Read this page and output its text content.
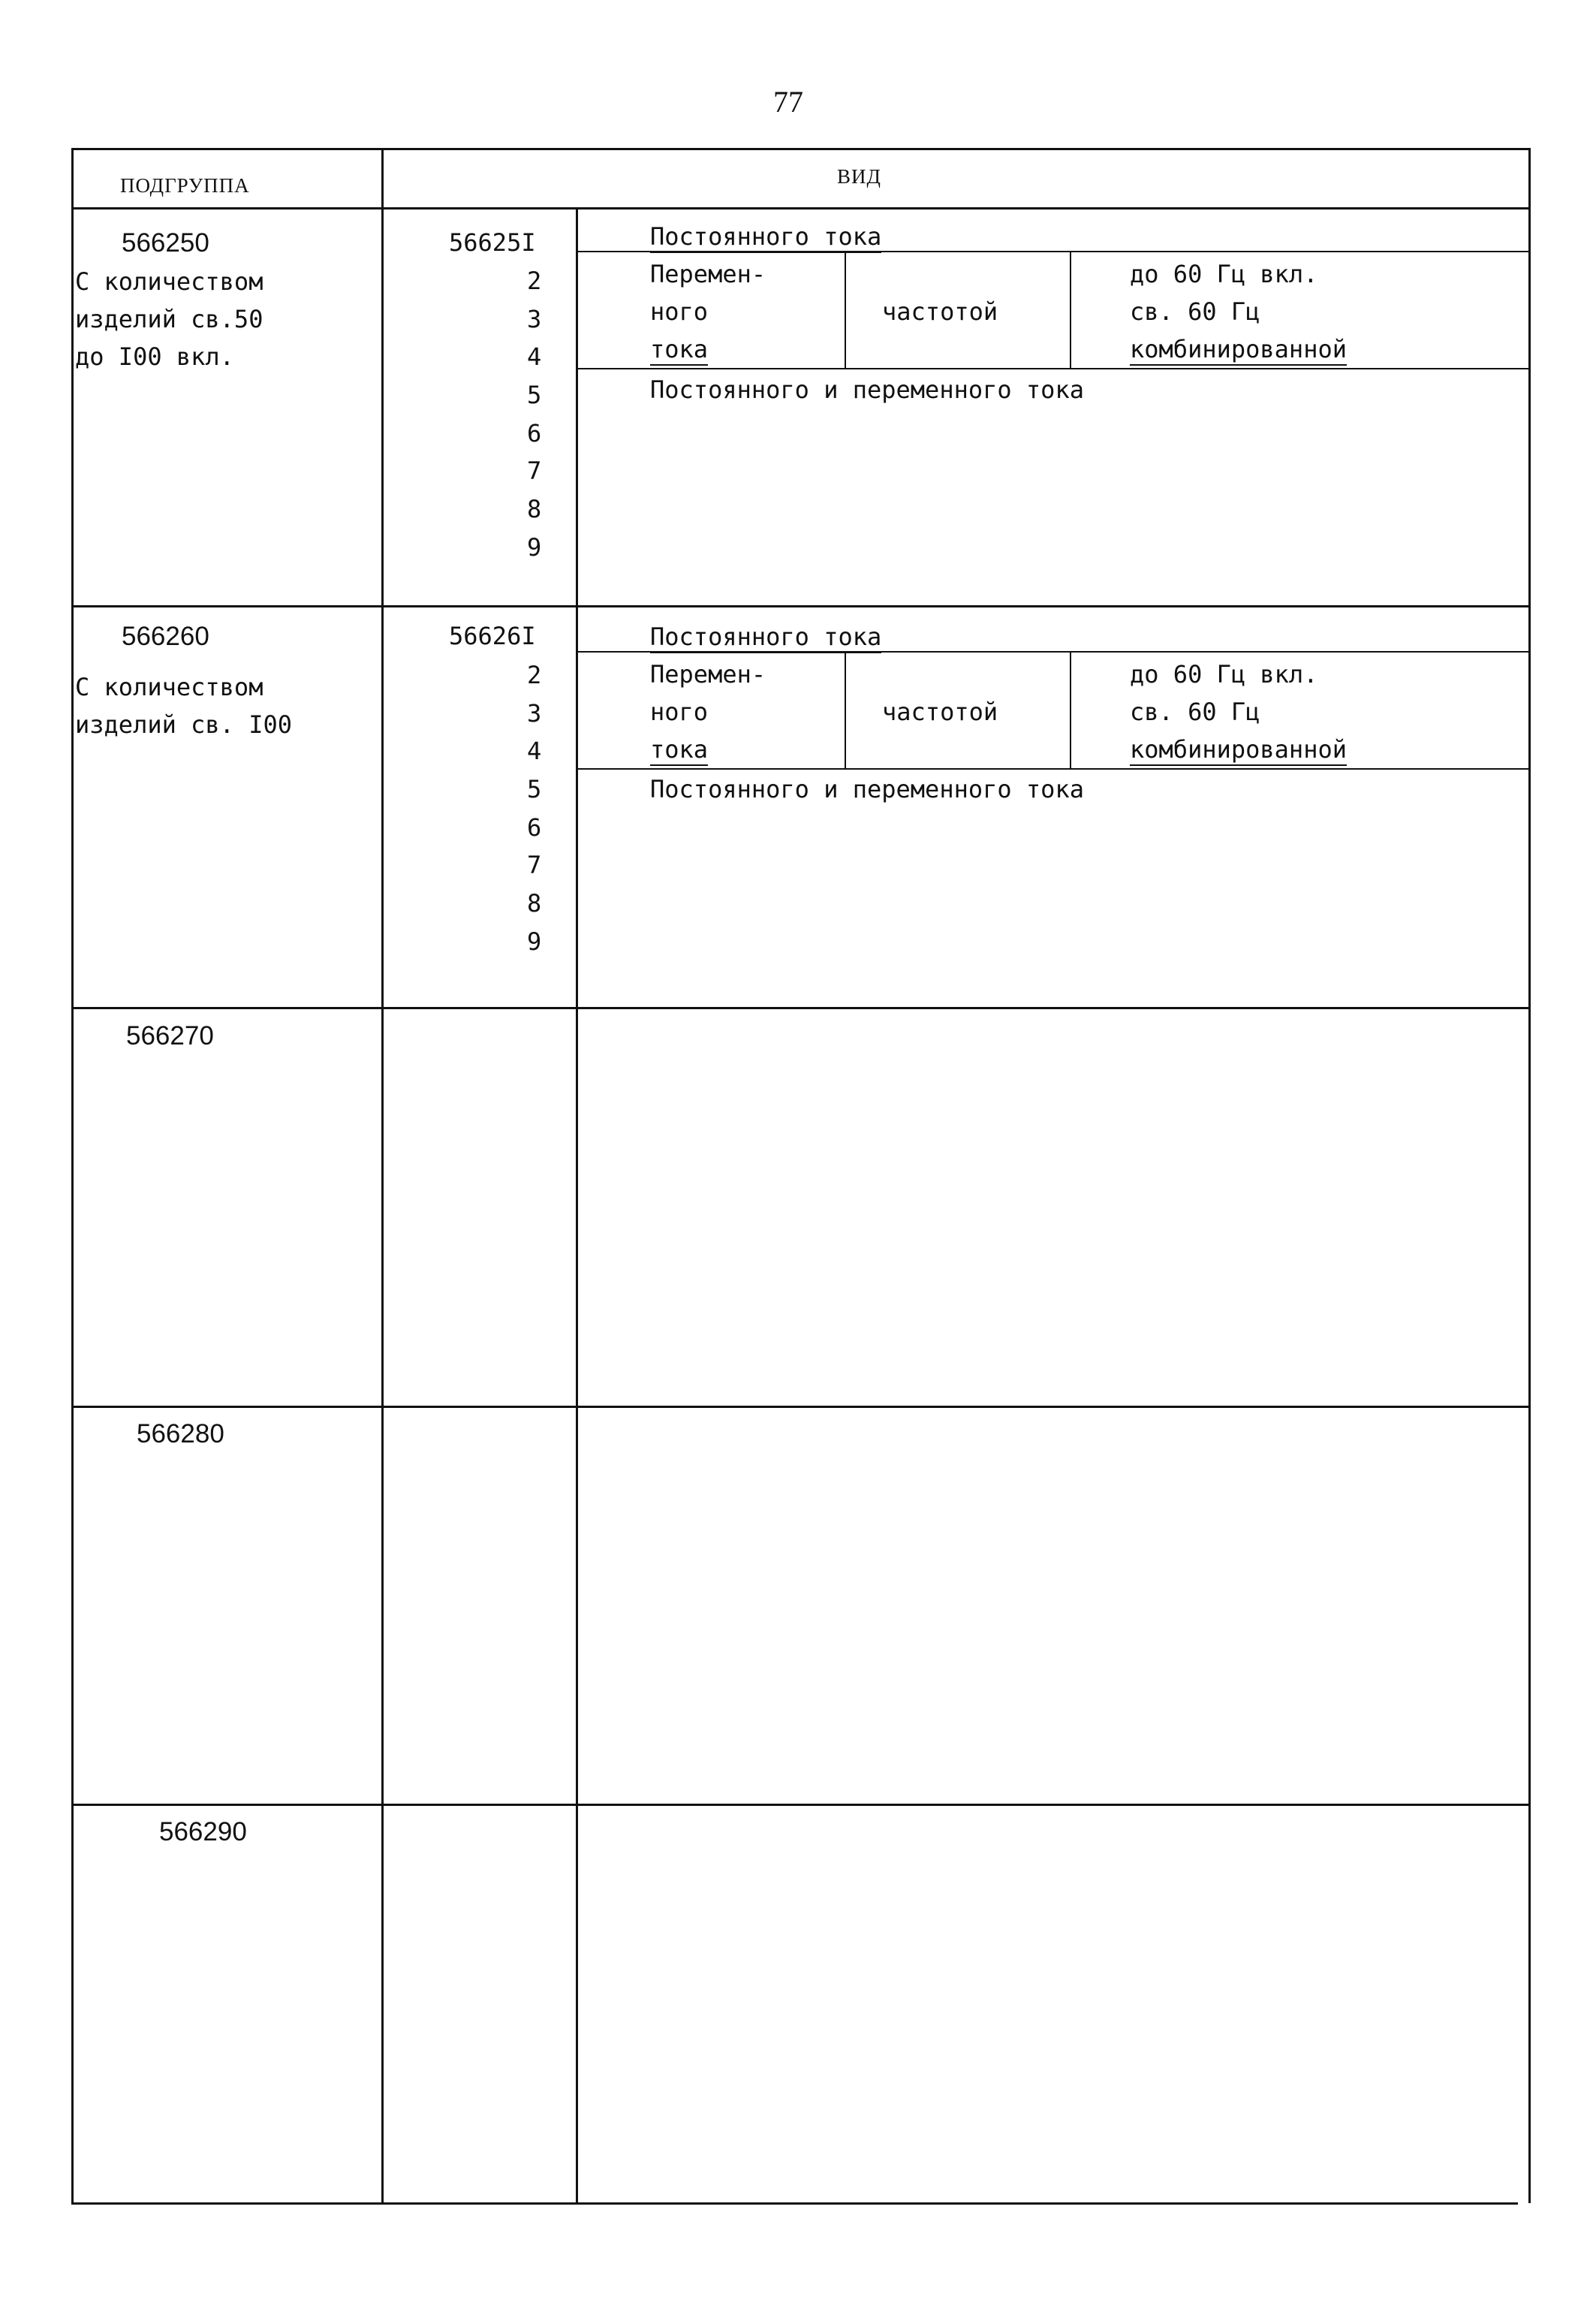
77
ПОДГРУППА	ВИД
566250
С количеством
изделий св.50
до I00 вкл.
56625I
2
3
4
5
6
7
8
9
Постоянного тока
Перемен-
ного
тока
частотой
до 60 Гц вкл.
св. 60 Гц
комбинированной
Постоянного и переменного тока
566260
С количеством
изделий св. I00
56626I
2
3
4
5
6
7
8
9
Постоянного тока
Перемен-
ного
тока
частотой
до 60 Гц вкл.
св. 60 Гц
комбинированной
Постоянного и переменного тока
566270
566280
566290
